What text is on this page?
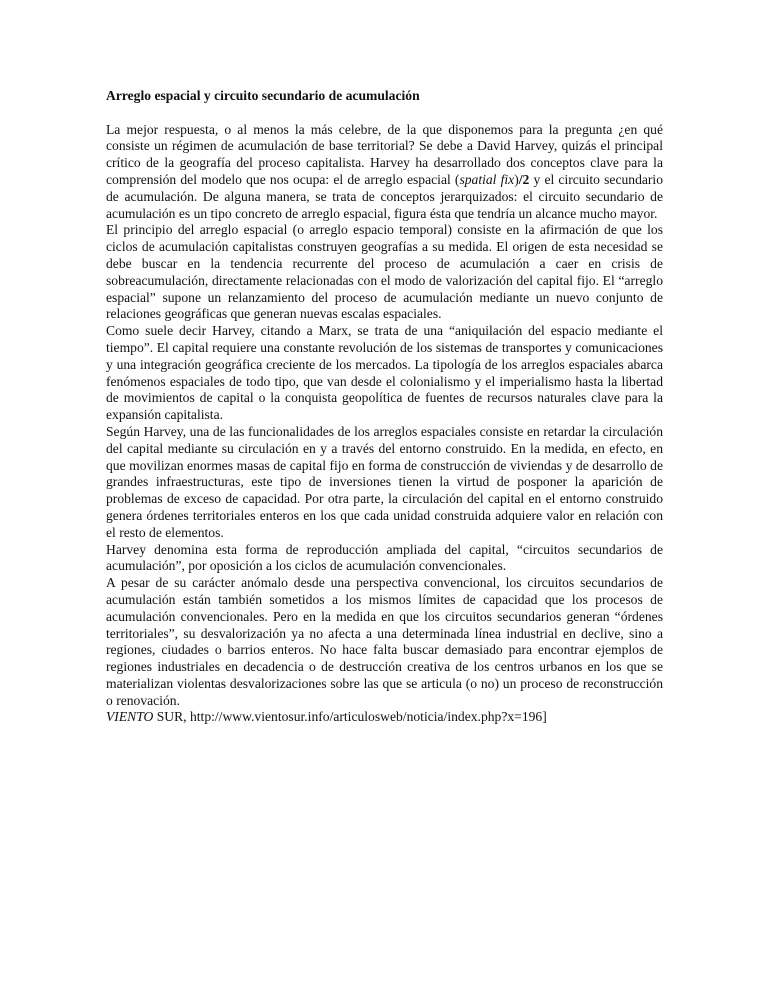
Arreglo espacial y circuito secundario de acumulación

La mejor respuesta, o al menos la más celebre, de la que disponemos para la pregunta ¿en qué consiste un régimen de acumulación de base territorial? Se debe a David Harvey, quizás el principal crítico de la geografía del proceso capitalista. Harvey ha desarrollado dos conceptos clave para la comprensión del modelo que nos ocupa: el de arreglo espacial (spatial fix)/2 y el circuito secundario de acumulación. De alguna manera, se trata de conceptos jerarquizados: el circuito secundario de acumulación es un tipo concreto de arreglo espacial, figura ésta que tendría un alcance mucho mayor.

El principio del arreglo espacial (o arreglo espacio temporal) consiste en la afirmación de que los ciclos de acumulación capitalistas construyen geografías a su medida. El origen de esta necesidad se debe buscar en la tendencia recurrente del proceso de acumulación a caer en crisis de sobreacumulación, directamente relacionadas con el modo de valorización del capital fijo. El “arreglo espacial” supone un relanzamiento del proceso de acumulación mediante un nuevo conjunto de relaciones geográficas que generan nuevas escalas espaciales.

Como suele decir Harvey, citando a Marx, se trata de una “aniquilación del espacio mediante el tiempo”. El capital requiere una constante revolución de los sistemas de transportes y comunicaciones y una integración geográfica creciente de los mercados. La tipología de los arreglos espaciales abarca fenómenos espaciales de todo tipo, que van desde el colonialismo y el imperialismo hasta la libertad de movimientos de capital o la conquista geopolítica de fuentes de recursos naturales clave para la expansión capitalista.

Según Harvey, una de las funcionalidades de los arreglos espaciales consiste en retardar la circulación del capital mediante su circulación en y a través del entorno construido. En la medida, en efecto, en que movilizan enormes masas de capital fijo en forma de construcción de viviendas y de desarrollo de grandes infraestructuras, este tipo de inversiones tienen la virtud de posponer la aparición de problemas de exceso de capacidad. Por otra parte, la circulación del capital en el entorno construido genera órdenes territoriales enteros en los que cada unidad construida adquiere valor en relación con el resto de elementos.

Harvey denomina esta forma de reproducción ampliada del capital, “circuitos secundarios de acumulación”, por oposición a los ciclos de acumulación convencionales.

A pesar de su carácter anómalo desde una perspectiva convencional, los circuitos secundarios de acumulación están también sometidos a los mismos límites de capacidad que los procesos de acumulación convencionales. Pero en la medida en que los circuitos secundarios generan “órdenes territoriales”, su desvalorización ya no afecta a una determinada línea industrial en declive, sino a regiones, ciudades o barrios enteros. No hace falta buscar demasiado para encontrar ejemplos de regiones industriales en decadencia o de destrucción creativa de los centros urbanos en los que se materializan violentas desvalorizaciones sobre las que se articula (o no) un proceso de reconstrucción o renovación.

VIENTO SUR, http://www.vientosur.info/articulosweb/noticia/index.php?x=196]
